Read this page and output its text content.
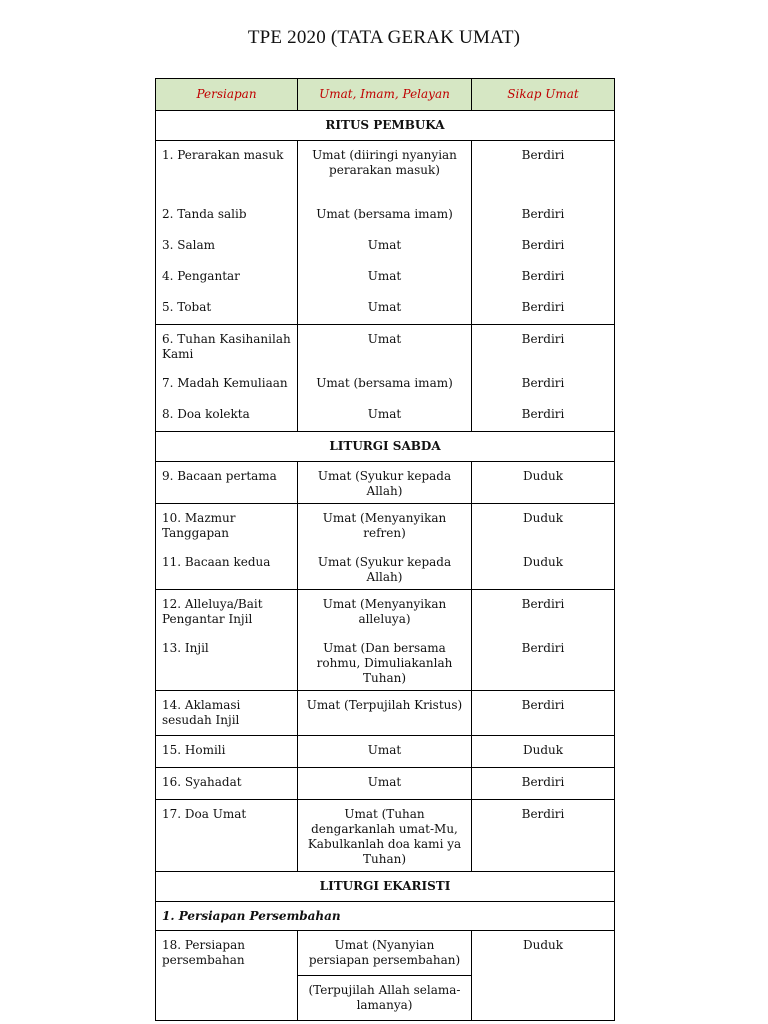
TPE 2020 (TATA GERAK UMAT)
Persiapan	Umat, Imam, Pelayan	Sikap Umat
RITUS PEMBUKA		
1. Perarakan masuk	Umat (diiringi nyanyian perarakan masuk)	Berdiri
2. Tanda salib	Umat (bersama imam)	Berdiri
3. Salam	Umat	Berdiri
4. Pengantar	Umat	Berdiri
5. Tobat	Umat	Berdiri
6. Tuhan Kasihanilah Kami	Umat	Berdiri
7. Madah Kemuliaan	Umat (bersama imam)	Berdiri
8. Doa kolekta	Umat	Berdiri
LITURGI SABDA		
9. Bacaan pertama	Umat (Syukur kepada Allah)	Duduk
10. Mazmur Tanggapan	Umat (Menyanyikan refren)	Duduk
11. Bacaan kedua	Umat (Syukur kepada Allah)	Duduk
12. Alleluya/Bait Pengantar Injil	Umat (Menyanyikan alleluya)	Berdiri
13. Injil	Umat (Dan bersama rohmu, Dimuliakanlah Tuhan)	Berdiri
14. Aklamasi sesudah Injil	Umat (Terpujilah Kristus)	Berdiri
15. Homili	Umat	Duduk
16. Syahadat	Umat	Berdiri
17. Doa Umat	Umat (Tuhan dengarkanlah umat-Mu, Kabulkanlah doa kami ya Tuhan)	Berdiri
LITURGI EKARISTI		
1. Persiapan Persembahan		
18. Persiapan persembahan	Umat (Nyanyian persiapan persembahan)	Duduk
	(Terpujilah Allah selama-lamanya)	
